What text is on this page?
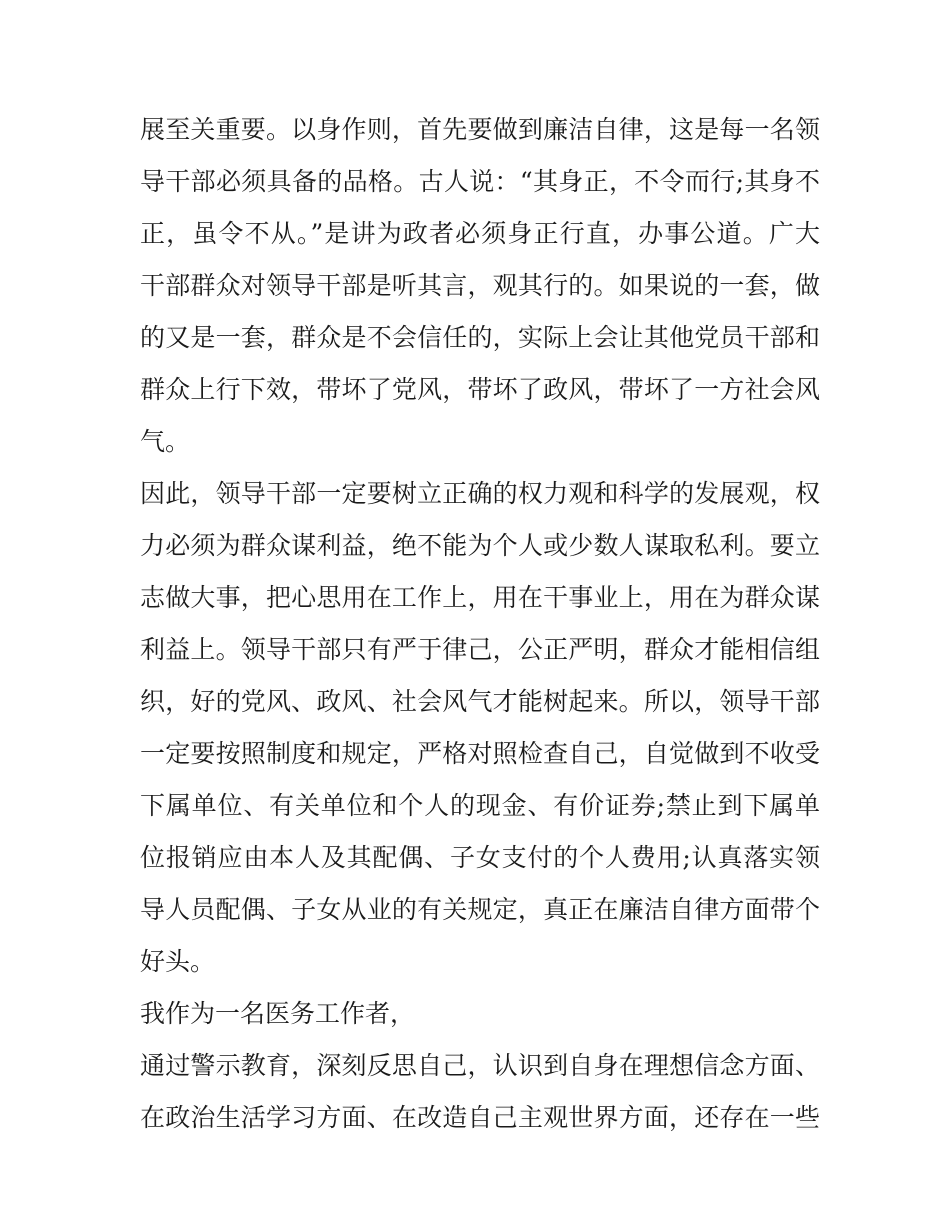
展至关重要。以身作则，首先要做到廉洁自律，这是每一名领
导干部必须具备的品格。古人说：“其身正，不令而行;其身不
正，虽令不从。”是讲为政者必须身正行直，办事公道。广大
干部群众对领导干部是听其言，观其行的。如果说的一套，做
的又是一套，群众是不会信任的，实际上会让其他党员干部和
群众上行下效，带坏了党风，带坏了政风，带坏了一方社会风
气。
因此，领导干部一定要树立正确的权力观和科学的发展观，权
力必须为群众谋利益，绝不能为个人或少数人谋取私利。要立
志做大事，把心思用在工作上，用在干事业上，用在为群众谋
利益上。领导干部只有严于律己，公正严明，群众才能相信组
织，好的党风、政风、社会风气才能树起来。所以，领导干部
一定要按照制度和规定，严格对照检查自己，自觉做到不收受
下属单位、有关单位和个人的现金、有价证券;禁止到下属单
位报销应由本人及其配偶、子女支付的个人费用;认真落实领
导人员配偶、子女从业的有关规定，真正在廉洁自律方面带个
好头。
我作为一名医务工作者，
通过警示教育，深刻反思自己，认识到自身在理想信念方面、
在政治生活学习方面、在改造自己主观世界方面，还存在一些
